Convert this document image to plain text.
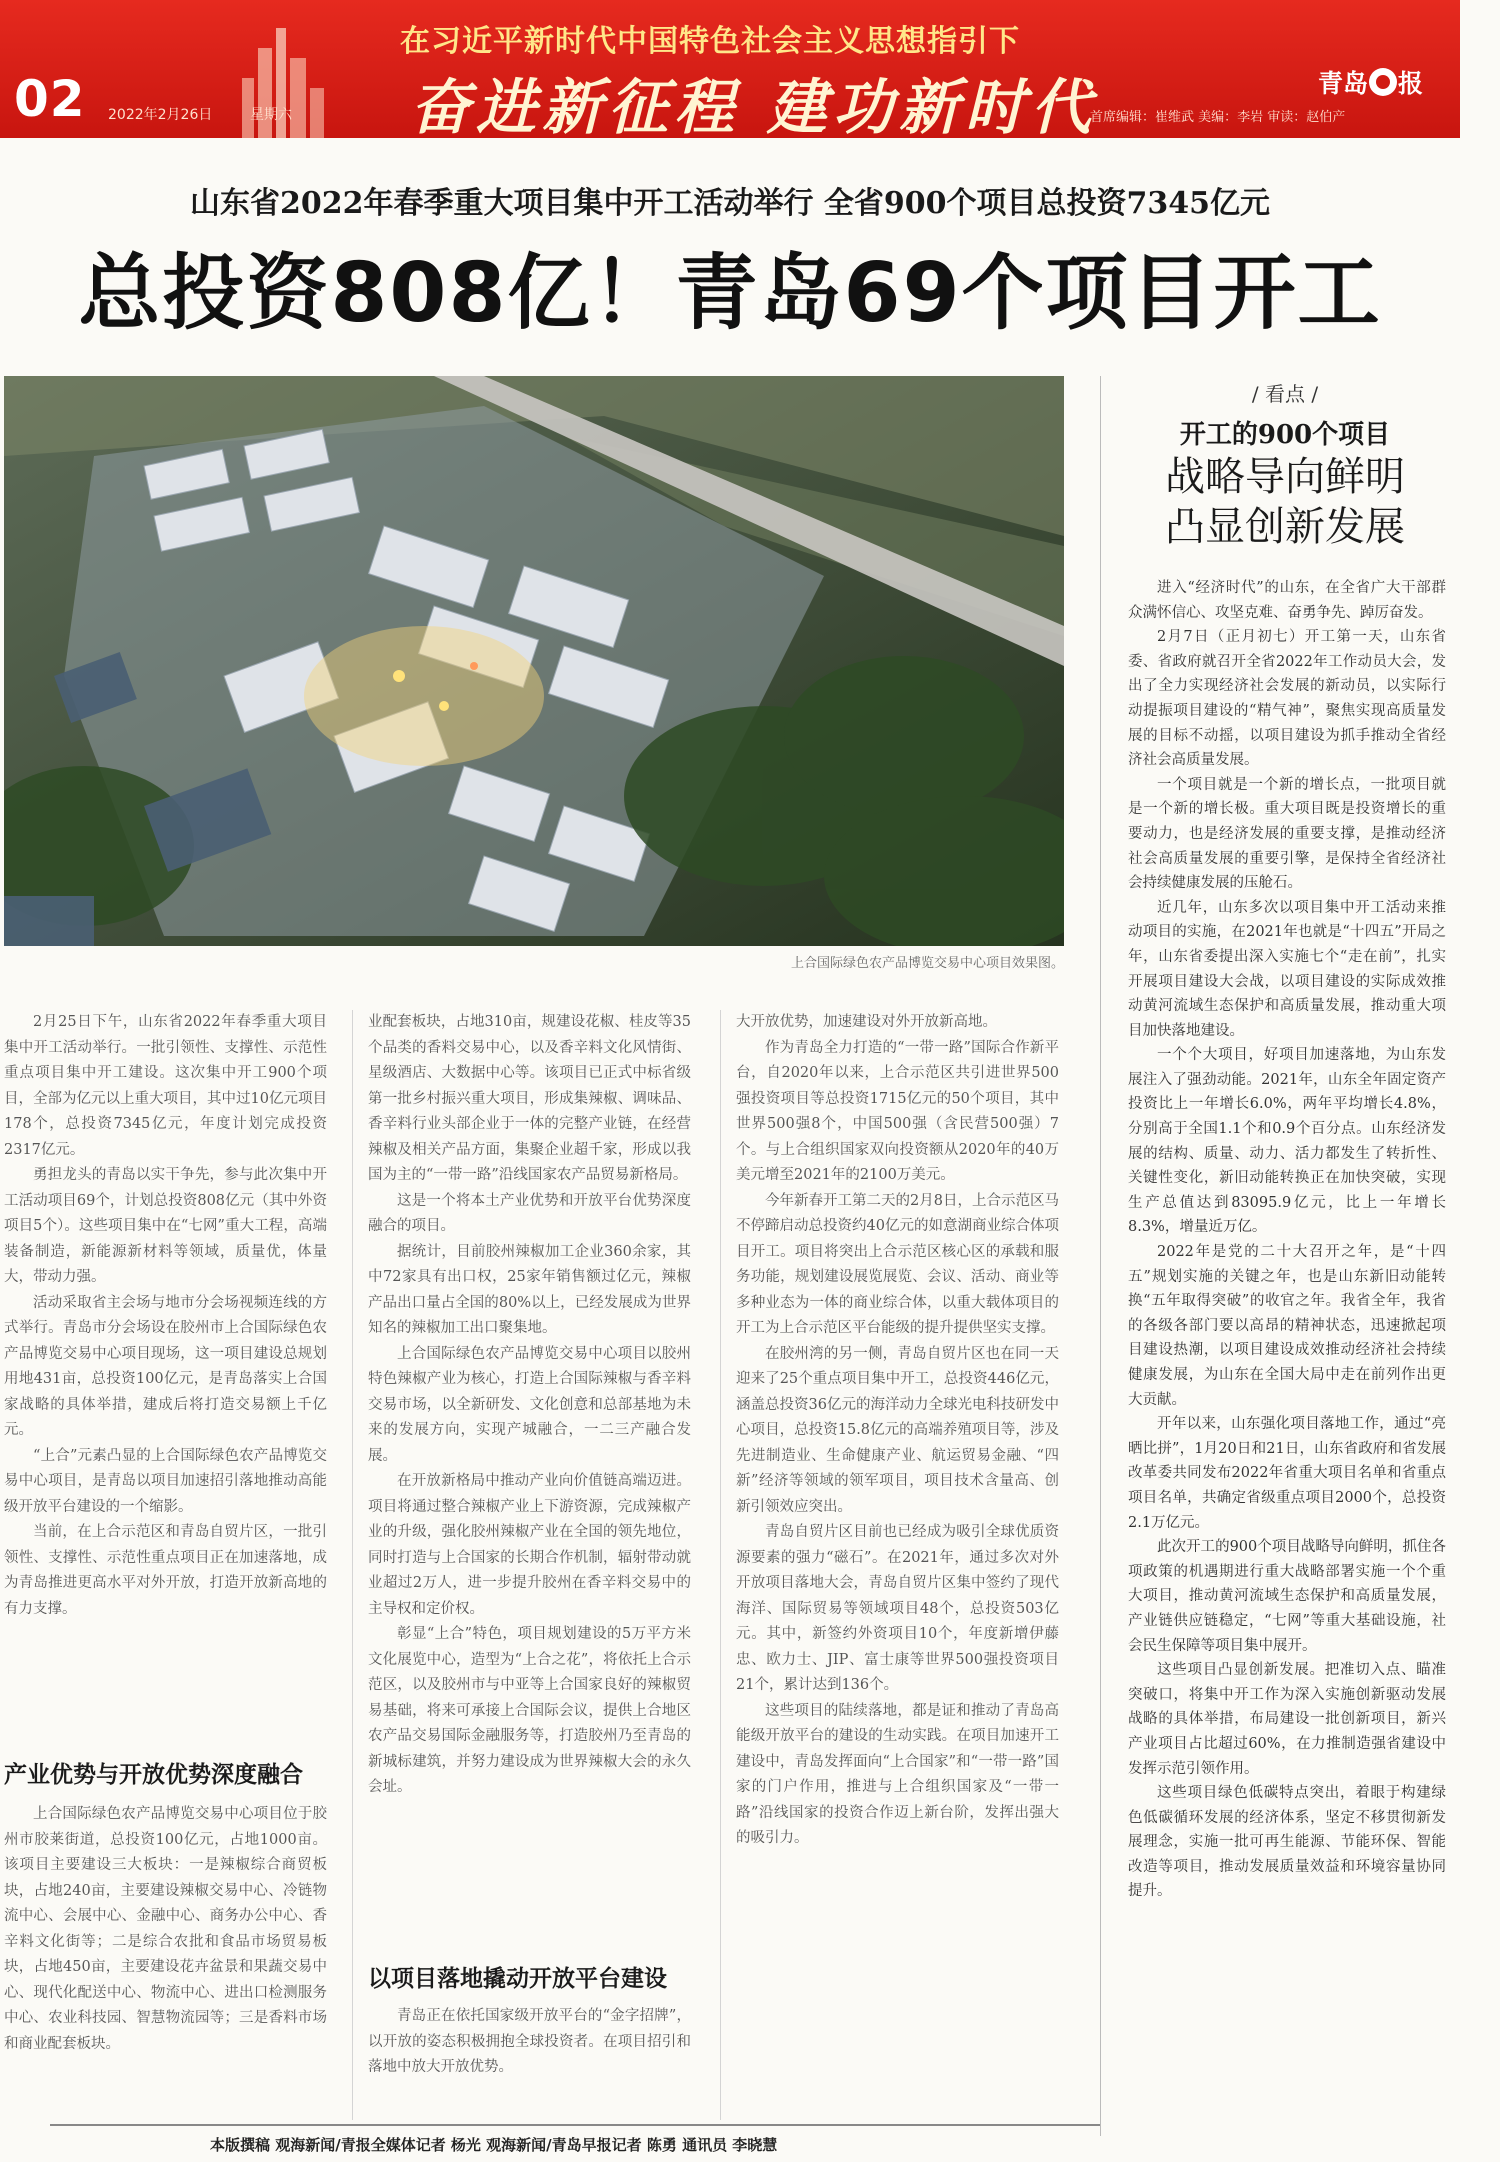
02 2022年2月26日	星期六
在习近平新时代中国特色社会主义思想指引下
奋进新征程 建功新时代	青岛 报
首席编辑：崔维武 美编：李岩 审读：赵伯产
山东省2022年春季重大项目集中开工活动举行 全省900个项目总投资7345亿元
总投资808亿！青岛69个项目开工
上合国际绿色农产品博览交易中心项目效果图。
/ 看点 /
开工的900个项目
战略导向鲜明
凸显创新发展

进入“经济时代”的山东，在全省广大干部群众满怀信心、攻坚克难、奋勇争先、踔厉奋发。

2月7日（正月初七）开工第一天，山东省委、省政府就召开全省2022年工作动员大会，发出了全力实现经济社会发展的新动员，以实际行动提振项目建设的“精气神”，聚焦实现高质量发展的目标不动摇，以项目建设为抓手推动全省经济社会高质量发展。

一个项目就是一个新的增长点，一批项目就是一个新的增长极。重大项目既是投资增长的重要动力，也是经济发展的重要支撑，是推动经济社会高质量发展的重要引擎，是保持全省经济社会持续健康发展的压舱石。

近几年，山东多次以项目集中开工活动来推动项目的实施，在2021年也就是“十四五”开局之年，山东省委提出深入实施七个“走在前”，扎实开展项目建设大会战，以项目建设的实际成效推动黄河流域生态保护和高质量发展，推动重大项目加快落地建设。

一个个大项目，好项目加速落地，为山东发展注入了强劲动能。2021年，山东全年固定资产投资比上一年增长6.0%，两年平均增长4.8%，分别高于全国1.1个和0.9个百分点。山东经济发展的结构、质量、动力、活力都发生了转折性、关键性变化，新旧动能转换正在加快突破，实现生产总值达到83095.9亿元，比上一年增长8.3%，增量近万亿。

2022年是党的二十大召开之年，是“十四五”规划实施的关键之年，也是山东新旧动能转换“五年取得突破”的收官之年。我省全年，我省的各级各部门要以高昂的精神状态，迅速掀起项目建设热潮，以项目建设成效推动经济社会持续健康发展，为山东在全国大局中走在前列作出更大贡献。

开年以来，山东强化项目落地工作，通过“亮晒比拼”，1月20日和21日，山东省政府和省发展改革委共同发布2022年省重大项目名单和省重点项目名单，共确定省级重点项目2000个，总投资2.1万亿元。

此次开工的900个项目战略导向鲜明，抓住各项政策的机遇期进行重大战略部署实施一个个重大项目，推动黄河流域生态保护和高质量发展，产业链供应链稳定，“七网”等重大基础设施，社会民生保障等项目集中展开。

这些项目凸显创新发展。把准切入点、瞄准突破口，将集中开工作为深入实施创新驱动发展战略的具体举措，布局建设一批创新项目，新兴产业项目占比超过60%，在力推制造强省建设中发挥示范引领作用。

这些项目绿色低碳特点突出，着眼于构建绿色低碳循环发展的经济体系，坚定不移贯彻新发展理念，实施一批可再生能源、节能环保、智能改造等项目，推动发展质量效益和环境容量协同提升。

2月25日下午，山东省2022年春季重大项目集中开工活动举行。一批引领性、支撑性、示范性重点项目集中开工建设。这次集中开工900个项目，全部为亿元以上重大项目，其中过10亿元项目178个，总投资7345亿元，年度计划完成投资2317亿元。

勇担龙头的青岛以实干争先，参与此次集中开工活动项目69个，计划总投资808亿元（其中外资项目5个）。这些项目集中在“七网”重大工程，高端装备制造，新能源新材料等领域，质量优，体量大，带动力强。

活动采取省主会场与地市分会场视频连线的方式举行。青岛市分会场设在胶州市上合国际绿色农产品博览交易中心项目现场，这一项目建设总规划用地431亩，总投资100亿元，是青岛落实上合国家战略的具体举措，建成后将打造交易额上千亿元。

“上合”元素凸显的上合国际绿色农产品博览交易中心项目，是青岛以项目加速招引落地推动高能级开放平台建设的一个缩影。

当前，在上合示范区和青岛自贸片区，一批引领性、支撑性、示范性重点项目正在加速落地，成为青岛推进更高水平对外开放，打造开放新高地的有力支撑。

产业优势与开放优势深度融合

上合国际绿色农产品博览交易中心项目位于胶州市胶莱街道，总投资100亿元，占地1000亩。该项目主要建设三大板块：一是辣椒综合商贸板块，占地240亩，主要建设辣椒交易中心、冷链物流中心、会展中心、金融中心、商务办公中心、香辛料文化街等；二是综合农批和食品市场贸易板块，占地450亩，主要建设花卉盆景和果蔬交易中心、现代化配送中心、物流中心、进出口检测服务中心、农业科技园、智慧物流园等；三是香料市场和商业配套板块。

业配套板块，占地310亩，规建设花椒、桂皮等35个品类的香料交易中心，以及香辛料文化风情街、星级酒店、大数据中心等。该项目已正式中标省级第一批乡村振兴重大项目，形成集辣椒、调味品、香辛料行业头部企业于一体的完整产业链，在经营辣椒及相关产品方面，集聚企业超千家，形成以我国为主的“一带一路”沿线国家农产品贸易新格局。

这是一个将本土产业优势和开放平台优势深度融合的项目。

据统计，目前胶州辣椒加工企业360余家，其中72家具有出口权，25家年销售额过亿元，辣椒产品出口量占全国的80%以上，已经发展成为世界知名的辣椒加工出口聚集地。

上合国际绿色农产品博览交易中心项目以胶州特色辣椒产业为核心，打造上合国际辣椒与香辛料交易市场，以全新研发、文化创意和总部基地为未来的发展方向，实现产城融合，一二三产融合发展。

在开放新格局中推动产业向价值链高端迈进。项目将通过整合辣椒产业上下游资源，完成辣椒产业的升级，强化胶州辣椒产业在全国的领先地位，同时打造与上合国家的长期合作机制，辐射带动就业超过2万人，进一步提升胶州在香辛料交易中的主导权和定价权。

彰显“上合”特色，项目规划建设的5万平方米文化展览中心，造型为“上合之花”，将依托上合示范区，以及胶州市与中亚等上合国家良好的辣椒贸易基础，将来可承接上合国际会议，提供上合地区农产品交易国际金融服务等，打造胶州乃至青岛的新城标建筑，并努力建设成为世界辣椒大会的永久会址。

以项目落地撬动开放平台建设

青岛正在依托国家级开放平台的“金字招牌”，以开放的姿态积极拥抱全球投资者。在项目招引和落地中放大开放优势。

大开放优势，加速建设对外开放新高地。

作为青岛全力打造的“一带一路”国际合作新平台，自2020年以来，上合示范区共引进世界500强投资项目等总投资1715亿元的50个项目，其中世界500强8个，中国500强（含民营500强）7个。与上合组织国家双向投资额从2020年的40万美元增至2021年的2100万美元。

今年新春开工第二天的2月8日，上合示范区马不停蹄启动总投资约40亿元的如意湖商业综合体项目开工。项目将突出上合示范区核心区的承载和服务功能，规划建设展览展览、会议、活动、商业等多种业态为一体的商业综合体，以重大载体项目的开工为上合示范区平台能级的提升提供坚实支撑。

在胶州湾的另一侧，青岛自贸片区也在同一天迎来了25个重点项目集中开工，总投资446亿元，涵盖总投资36亿元的海洋动力全球光电科技研发中心项目，总投资15.8亿元的高端养殖项目等，涉及先进制造业、生命健康产业、航运贸易金融、“四新”经济等领域的领军项目，项目技术含量高、创新引领效应突出。

青岛自贸片区目前也已经成为吸引全球优质资源要素的强力“磁石”。在2021年，通过多次对外开放项目落地大会，青岛自贸片区集中签约了现代海洋、国际贸易等领域项目48个，总投资503亿元。其中，新签约外资项目10个，年度新增伊藤忠、欧力士、JIP、富士康等世界500强投资项目21个，累计达到136个。

这些项目的陆续落地，都是证和推动了青岛高能级开放平台的建设的生动实践。在项目加速开工建设中，青岛发挥面向“上合国家”和“一带一路”国家的门户作用，推进与上合组织国家及“一带一路”沿线国家的投资合作迈上新台阶，发挥出强大的吸引力。

本版撰稿 观海新闻/青报全媒体记者 杨光 观海新闻/青岛早报记者 陈勇 通讯员 李晓慧
